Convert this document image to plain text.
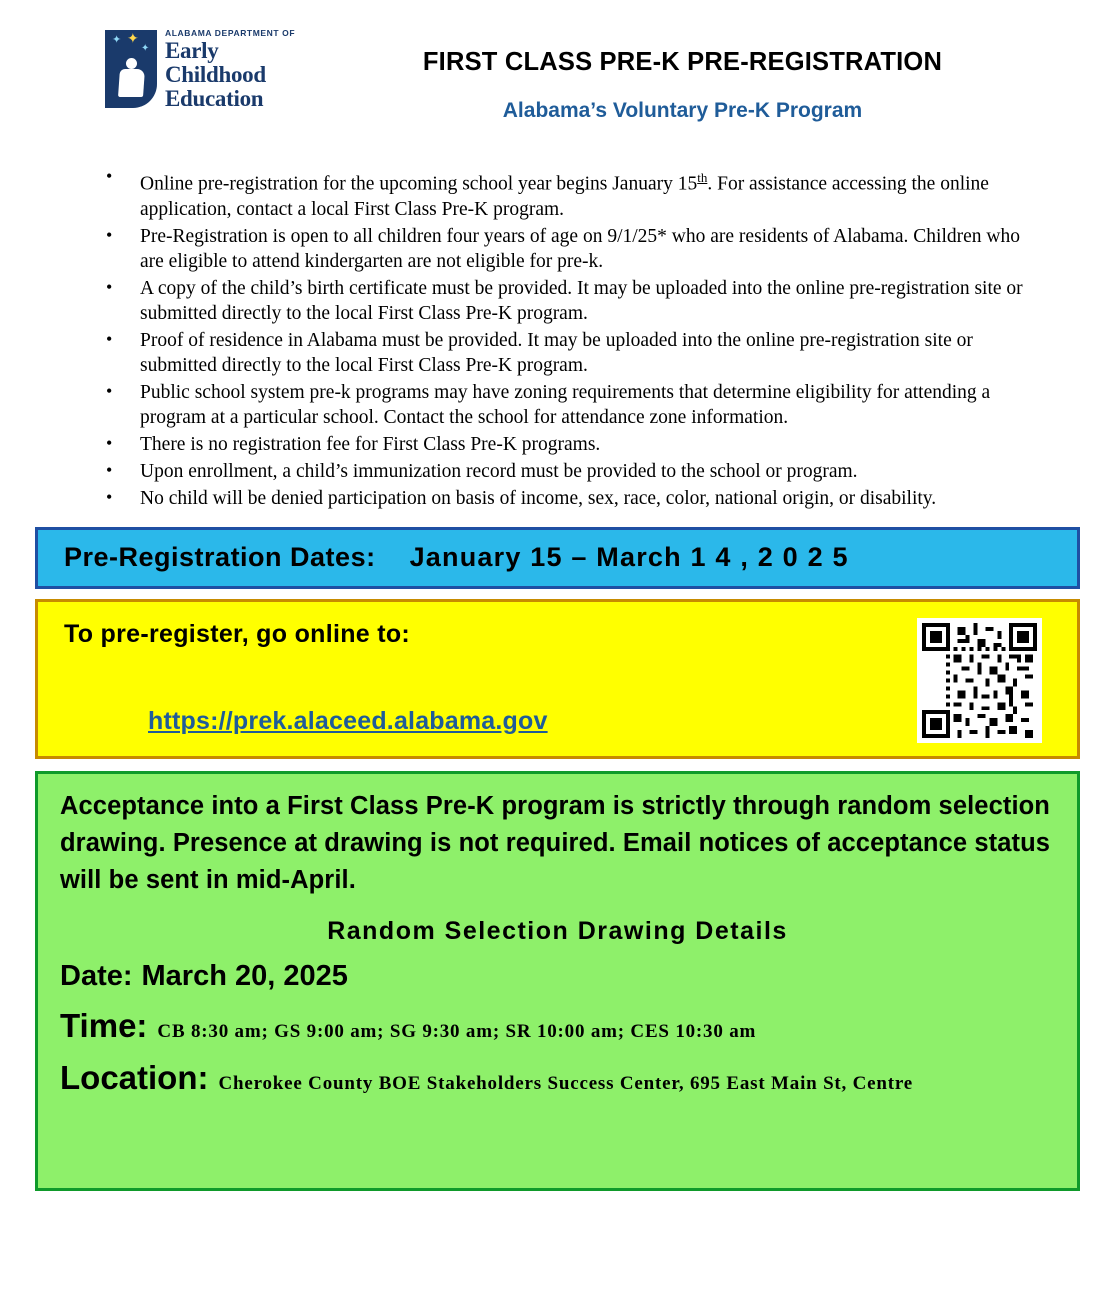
✦ ✦
✦
ALABAMA DEPARTMENT OF
Early Childhood
Education
FIRST CLASS PRE-K PRE-REGISTRATION
Alabama’s Voluntary Pre-K Program
• Online pre-registration for the upcoming school year begins January 15th. For assistance accessing the online application, contact a local First Class Pre-K program.
• Pre-Registration is open to all children four years of age on 9/1/25* who are residents of Alabama. Children who are eligible to attend kindergarten are not eligible for pre-k.
• A copy of the child’s birth certificate must be provided. It may be uploaded into the online pre-registration site or submitted directly to the local First Class Pre-K program.
• Proof of residence in Alabama must be provided. It may be uploaded into the online pre-registration site or submitted directly to the local First Class Pre-K program.
• Public school system pre-k programs may have zoning requirements that determine eligibility for attending a program at a particular school. Contact the school for attendance zone information.
• There is no registration fee for First Class Pre-K programs.
• Upon enrollment, a child’s immunization record must be provided to the school or program.
• No child will be denied participation on basis of income, sex, race, color, national origin, or disability.
Pre-Registration Dates: January 15 – March 1 4 , 2 0 2 5
To pre-register, go online to:
https://prek.alaceed.alabama.gov
Acceptance into a First Class Pre-K program is strictly through random selection drawing. Presence at drawing is not required. Email notices of acceptance status will be sent in mid-April.
Random Selection Drawing Details
Date: March 20, 2025
Time: CB 8:30 am; GS 9:00 am; SG 9:30 am; SR 10:00 am; CES 10:30 am
Location: Cherokee County BOE Stakeholders Success Center, 695 East Main St, Centre
